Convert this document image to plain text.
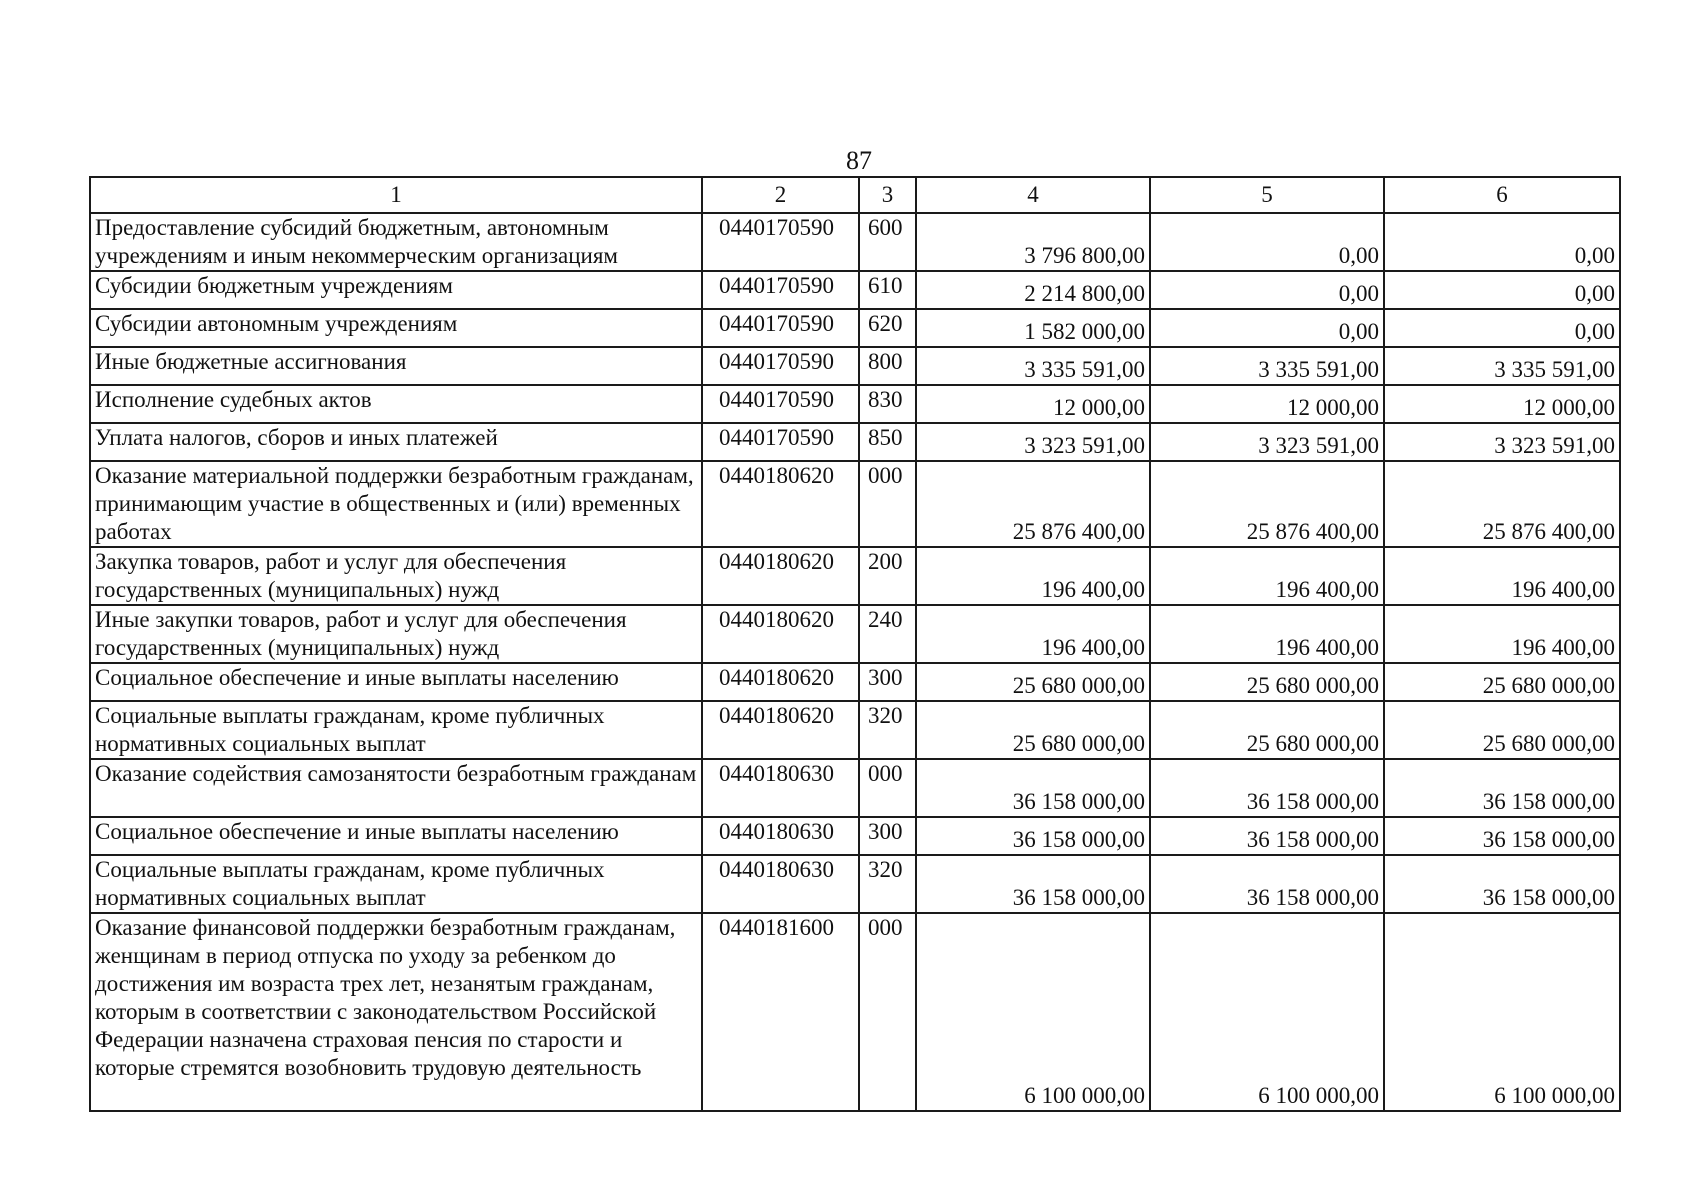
87
1	2	3	4	5	6
Предоставление субсидий бюджетным, автономным учреждениям и иным некоммерческим организациям	0440170590	600	3 796 800,00	0,00	0,00
Субсидии бюджетным учреждениям	0440170590	610	2 214 800,00	0,00	0,00
Субсидии автономным учреждениям	0440170590	620	1 582 000,00	0,00	0,00
Иные бюджетные ассигнования	0440170590	800	3 335 591,00	3 335 591,00	3 335 591,00
Исполнение судебных актов	0440170590	830	12 000,00	12 000,00	12 000,00
Уплата налогов, сборов и иных платежей	0440170590	850	3 323 591,00	3 323 591,00	3 323 591,00
Оказание материальной поддержки безработным гражданам, принимающим участие в общественных и (или) временных работах	0440180620	000	25 876 400,00	25 876 400,00	25 876 400,00
Закупка товаров, работ и услуг для обеспечения государственных (муниципальных) нужд	0440180620	200	196 400,00	196 400,00	196 400,00
Иные закупки товаров, работ и услуг для обеспечения государственных (муниципальных) нужд	0440180620	240	196 400,00	196 400,00	196 400,00
Социальное обеспечение и иные выплаты населению	0440180620	300	25 680 000,00	25 680 000,00	25 680 000,00
Социальные выплаты гражданам, кроме публичных нормативных социальных выплат	0440180620	320	25 680 000,00	25 680 000,00	25 680 000,00
Оказание содействия самозанятости безработным гражданам	0440180630	000	36 158 000,00	36 158 000,00	36 158 000,00
Социальное обеспечение и иные выплаты населению	0440180630	300	36 158 000,00	36 158 000,00	36 158 000,00
Социальные выплаты гражданам, кроме публичных нормативных социальных выплат	0440180630	320	36 158 000,00	36 158 000,00	36 158 000,00
Оказание финансовой поддержки безработным гражданам, женщинам в период отпуска по уходу за ребенком до достижения им возраста трех лет, незанятым гражданам, которым в соответствии с законодательством Российской Федерации назначена страховая пенсия по старости и которые стремятся возобновить трудовую деятельность	0440181600	000	6 100 000,00	6 100 000,00	6 100 000,00
